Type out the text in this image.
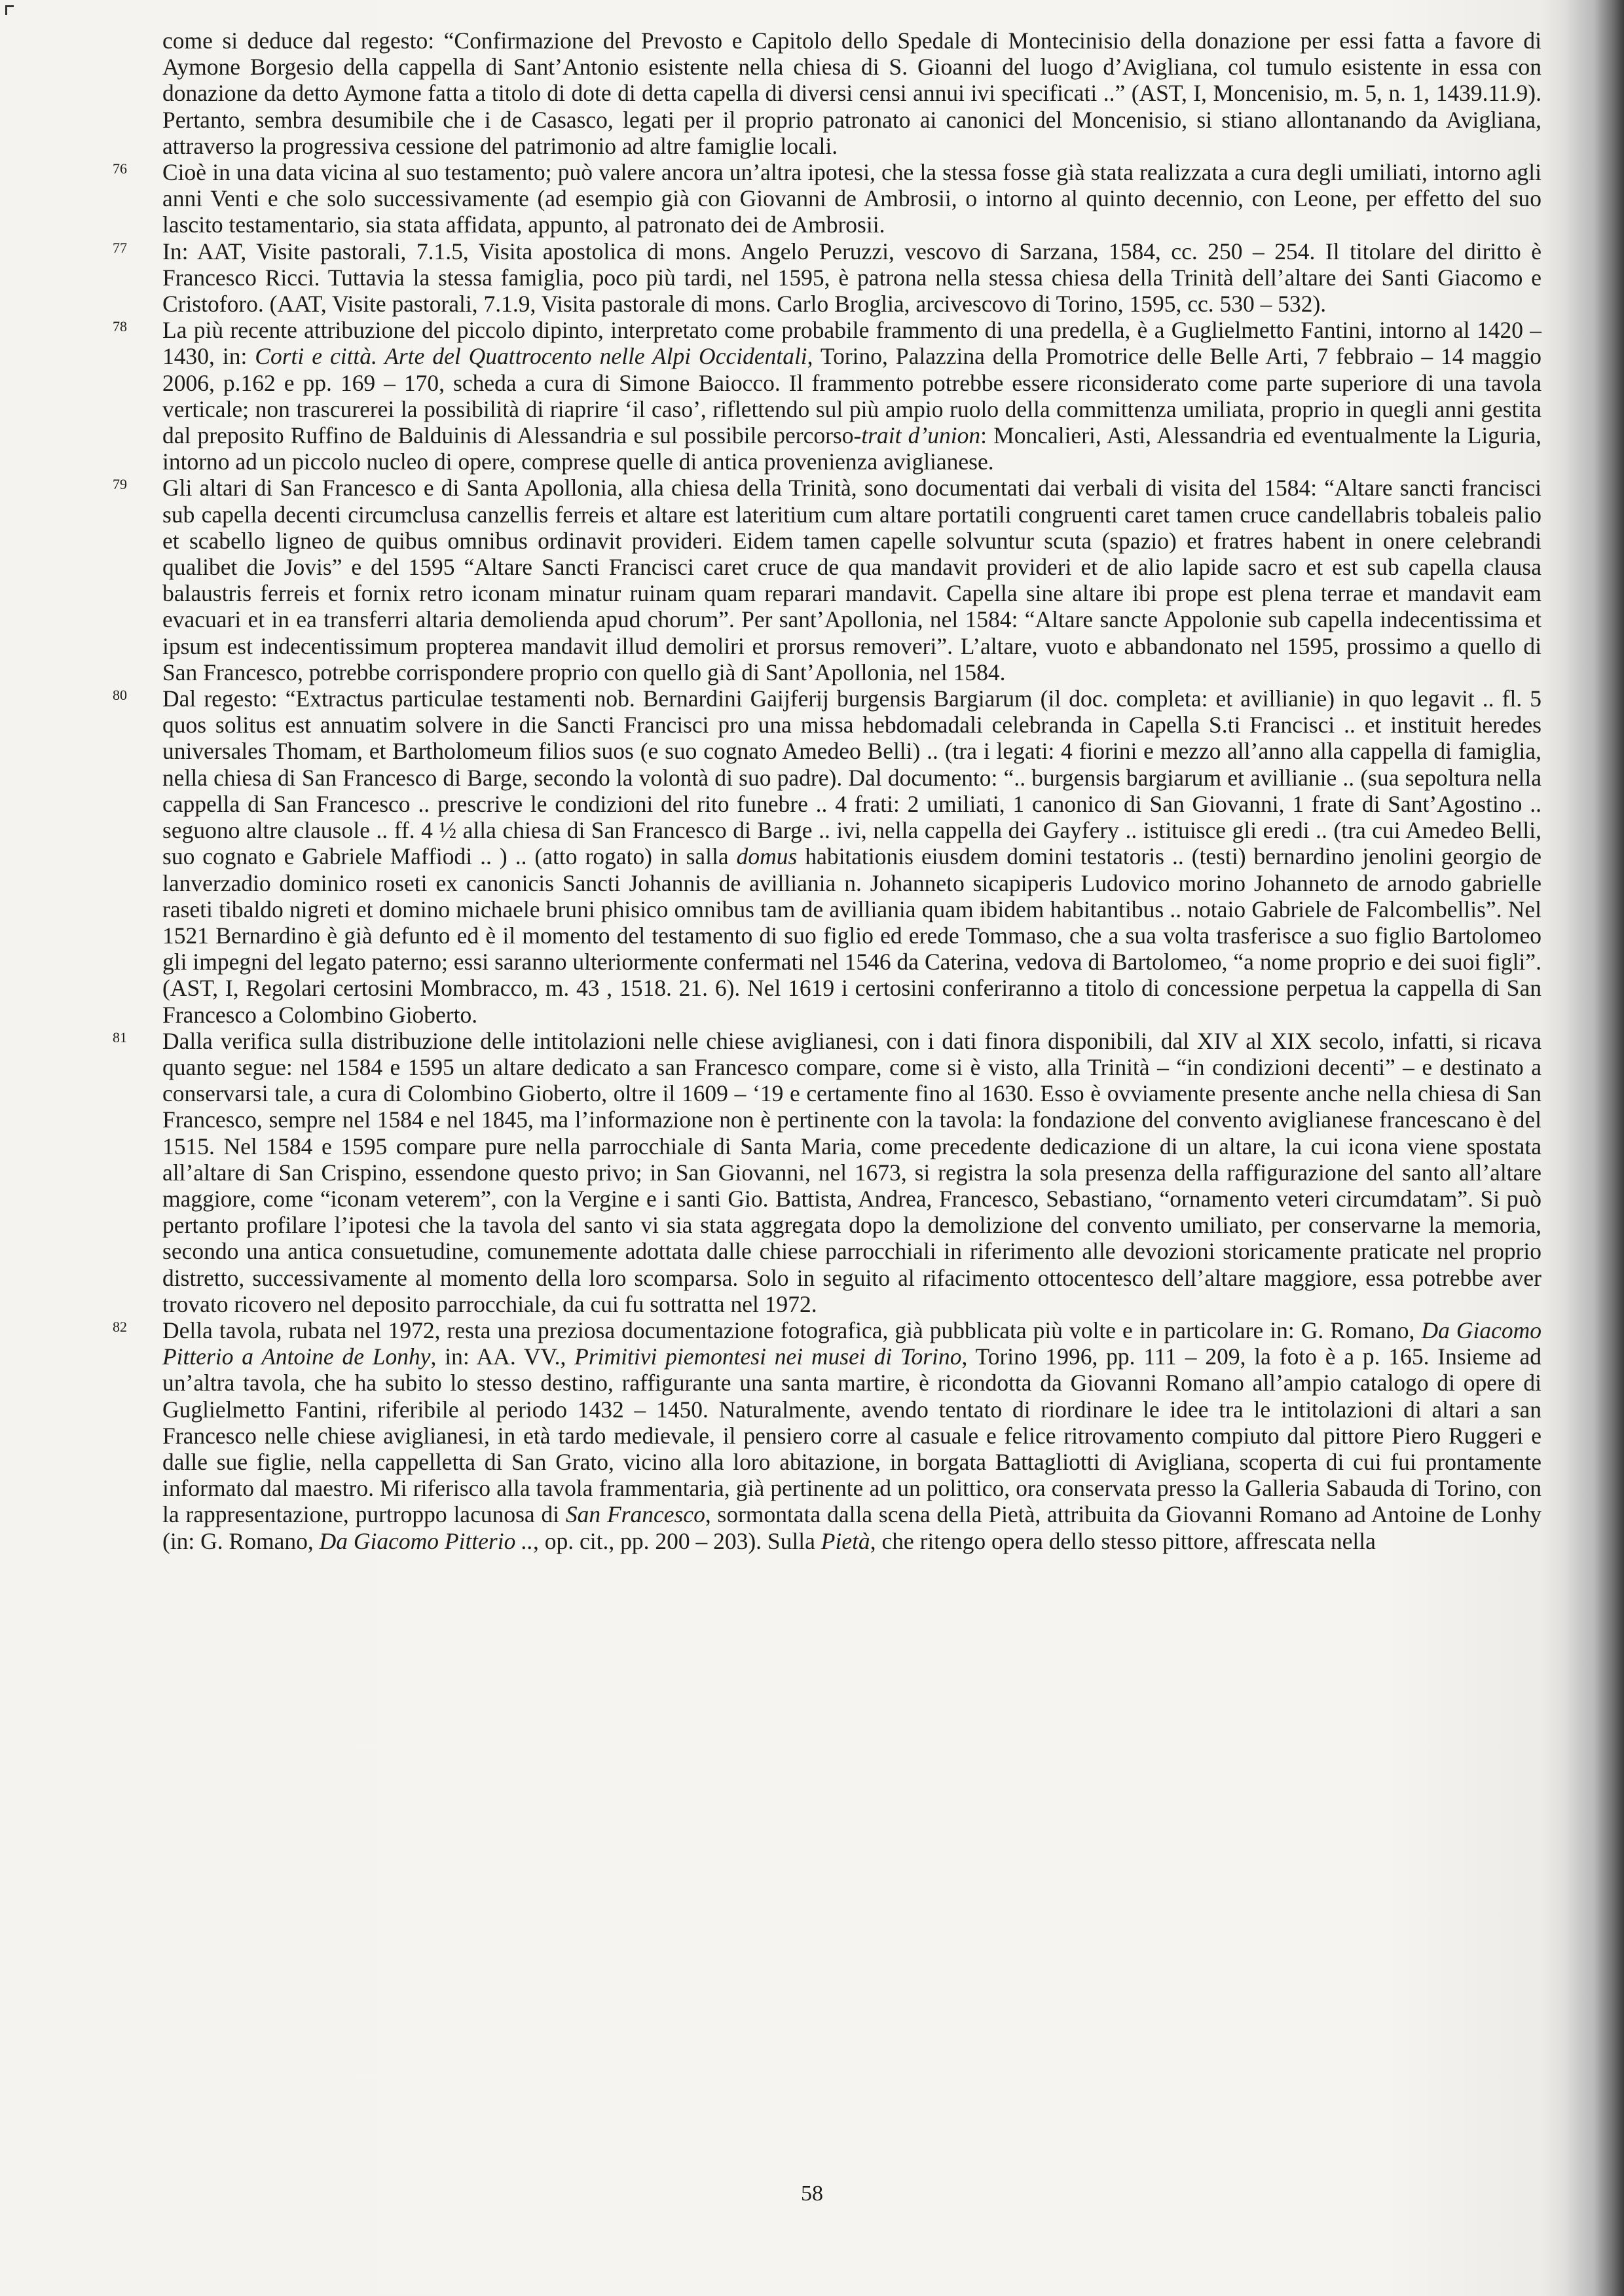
come si deduce dal regesto: “Confirmazione del Prevosto e Capitolo dello Spedale di Montecinisio della donazione per essi fatta a favore di Aymone Borgesio della cappella di Sant’Antonio esistente nella chiesa di S. Gioanni del luogo d’Avigliana, col tumulo esistente in essa con donazione da detto Aymone fatta a titolo di dote di detta capella di diversi censi annui ivi specificati ..” (AST, I, Moncenisio, m. 5, n. 1, 1439.11.9). Pertanto, sembra desumibile che i de Casasco, legati per il proprio patronato ai canonici del Moncenisio, si stiano allontanando da Avigliana, attraverso la progressiva cessione del patrimonio ad altre famiglie locali.

76 Cioè in una data vicina al suo testamento; può valere ancora un’altra ipotesi, che la stessa fosse già stata realizzata a cura degli umiliati, intorno agli anni Venti e che solo successivamente (ad esempio già con Giovanni de Ambrosii, o intorno al quinto decennio, con Leone, per effetto del suo lascito testamentario, sia stata affidata, appunto, al patronato dei de Ambrosii.

77 In: AAT, Visite pastorali, 7.1.5, Visita apostolica di mons. Angelo Peruzzi, vescovo di Sarzana, 1584, cc. 250 – 254. Il titolare del diritto è Francesco Ricci. Tuttavia la stessa famiglia, poco più tardi, nel 1595, è patrona nella stessa chiesa della Trinità dell’altare dei Santi Giacomo e Cristoforo. (AAT, Visite pastorali, 7.1.9, Visita pastorale di mons. Carlo Broglia, arcivescovo di Torino, 1595, cc. 530 – 532).

78 La più recente attribuzione del piccolo dipinto, interpretato come probabile frammento di una predella, è a Guglielmetto Fantini, intorno al 1420 – 1430, in: Corti e città. Arte del Quattrocento nelle Alpi Occidentali, Torino, Palazzina della Promotrice delle Belle Arti, 7 febbraio – 14 maggio 2006, p.162 e pp. 169 – 170, scheda a cura di Simone Baiocco. Il frammento potrebbe essere riconsiderato come parte superiore di una tavola verticale; non trascurerei la possibilità di riaprire ‘il caso’, riflettendo sul più ampio ruolo della committenza umiliata, proprio in quegli anni gestita dal preposito Ruffino de Balduinis di Alessandria e sul possibile percorso-trait d’union: Moncalieri, Asti, Alessandria ed eventualmente la Liguria, intorno ad un piccolo nucleo di opere, comprese quelle di antica provenienza aviglianese.

79 Gli altari di San Francesco e di Santa Apollonia, alla chiesa della Trinità, sono documentati dai verbali di visita del 1584: “Altare sancti francisci sub capella decenti circumclusa canzellis ferreis et altare est lateritium cum altare portatili congruenti caret tamen cruce candellabris tobaleis palio et scabello ligneo de quibus omnibus ordinavit provideri. Eidem tamen capelle solvuntur scuta (spazio) et fratres habent in onere celebrandi qualibet die Jovis” e del 1595 “Altare Sancti Francisci caret cruce de qua mandavit provideri et de alio lapide sacro et est sub capella clausa balaustris ferreis et fornix retro iconam minatur ruinam quam reparari mandavit. Capella sine altare ibi prope est plena terrae et mandavit eam evacuari et in ea transferri altaria demolienda apud chorum”. Per sant’Apollonia, nel 1584: “Altare sancte Appolonie sub capella indecentissima et ipsum est indecentissimum propterea mandavit illud demoliri et prorsus removeri”. L’altare, vuoto e abbandonato nel 1595, prossimo a quello di San Francesco, potrebbe corrispondere proprio con quello già di Sant’Apollonia, nel 1584.

80 Dal regesto: “Extractus particulae testamenti nob. Bernardini Gaijferij burgensis Bargiarum (il doc. completa: et avillianie) in quo legavit .. fl. 5 quos solitus est annuatim solvere in die Sancti Francisci pro una missa hebdomadali celebranda in Capella S.ti Francisci .. et instituit heredes universales Thomam, et Bartholomeum filios suos (e suo cognato Amedeo Belli) .. (tra i legati: 4 fiorini e mezzo all’anno alla cappella di famiglia, nella chiesa di San Francesco di Barge, secondo la volontà di suo padre). Dal documento: “.. burgensis bargiarum et avillianie .. (sua sepoltura nella cappella di San Francesco .. prescrive le condizioni del rito funebre .. 4 frati: 2 umiliati, 1 canonico di San Giovanni, 1 frate di Sant’Agostino .. seguono altre clausole .. ff. 4 ½ alla chiesa di San Francesco di Barge .. ivi, nella cappella dei Gayfery .. istituisce gli eredi .. (tra cui Amedeo Belli, suo cognato e Gabriele Maffiodi .. ) .. (atto rogato) in salla domus habitationis eiusdem domini testatoris .. (testi) bernardino jenolini georgio de lanverzadio dominico roseti ex canonicis Sancti Johannis de avilliania n. Johanneto sicapiperis Ludovico morino Johanneto de arnodo gabrielle raseti tibaldo nigreti et domino michaele bruni phisico omnibus tam de avilliania quam ibidem habitantibus .. notaio Gabriele de Falcombellis”. Nel 1521 Bernardino è già defunto ed è il momento del testamento di suo figlio ed erede Tommaso, che a sua volta trasferisce a suo figlio Bartolomeo gli impegni del legato paterno; essi saranno ulteriormente confermati nel 1546 da Caterina, vedova di Bartolomeo, “a nome proprio e dei suoi figli”. (AST, I, Regolari certosini Mombracco, m. 43 , 1518. 21. 6). Nel 1619 i certosini conferiranno a titolo di concessione perpetua la cappella di San Francesco a Colombino Gioberto.

81 Dalla verifica sulla distribuzione delle intitolazioni nelle chiese aviglianesi, con i dati finora disponibili, dal XIV al XIX secolo, infatti, si ricava quanto segue: nel 1584 e 1595 un altare dedicato a san Francesco compare, come si è visto, alla Trinità – “in condizioni decenti” – e destinato a conservarsi tale, a cura di Colombino Gioberto, oltre il 1609 – ‘19 e certamente fino al 1630. Esso è ovviamente presente anche nella chiesa di San Francesco, sempre nel 1584 e nel 1845, ma l’informazione non è pertinente con la tavola: la fondazione del convento aviglianese francescano è del 1515. Nel 1584 e 1595 compare pure nella parrocchiale di Santa Maria, come precedente dedicazione di un altare, la cui icona viene spostata all’altare di San Crispino, essendone questo privo; in San Giovanni, nel 1673, si registra la sola presenza della raffigurazione del santo all’altare maggiore, come “iconam veterem”, con la Vergine e i santi Gio. Battista, Andrea, Francesco, Sebastiano, “ornamento veteri circumdatam”. Si può pertanto profilare l’ipotesi che la tavola del santo vi sia stata aggregata dopo la demolizione del convento umiliato, per conservarne la memoria, secondo una antica consuetudine, comunemente adottata dalle chiese parrocchiali in riferimento alle devozioni storicamente praticate nel proprio distretto, successivamente al momento della loro scomparsa. Solo in seguito al rifacimento ottocentesco dell’altare maggiore, essa potrebbe aver trovato ricovero nel deposito parrocchiale, da cui fu sottratta nel 1972.

82 Della tavola, rubata nel 1972, resta una preziosa documentazione fotografica, già pubblicata più volte e in particolare in: G. Romano, Da Giacomo Pitterio a Antoine de Lonhy, in: AA. VV., Primitivi piemontesi nei musei di Torino, Torino 1996, pp. 111 – 209, la foto è a p. 165. Insieme ad un’altra tavola, che ha subito lo stesso destino, raffigurante una santa martire, è ricondotta da Giovanni Romano all’ampio catalogo di opere di Guglielmetto Fantini, riferibile al periodo 1432 – 1450. Naturalmente, avendo tentato di riordinare le idee tra le intitolazioni di altari a san Francesco nelle chiese aviglianesi, in età tardo medievale, il pensiero corre al casuale e felice ritrovamento compiuto dal pittore Piero Ruggeri e dalle sue figlie, nella cappelletta di San Grato, vicino alla loro abitazione, in borgata Battagliotti di Avigliana, scoperta di cui fui prontamente informato dal maestro. Mi riferisco alla tavola frammentaria, già pertinente ad un polittico, ora conservata presso la Galleria Sabauda di Torino, con la rappresentazione, purtroppo lacunosa di San Francesco, sormontata dalla scena della Pietà, attribuita da Giovanni Romano ad Antoine de Lonhy (in: G. Romano, Da Giacomo Pitterio .., op. cit., pp. 200 – 203). Sulla Pietà, che ritengo opera dello stesso pittore, affrescata nella

58
